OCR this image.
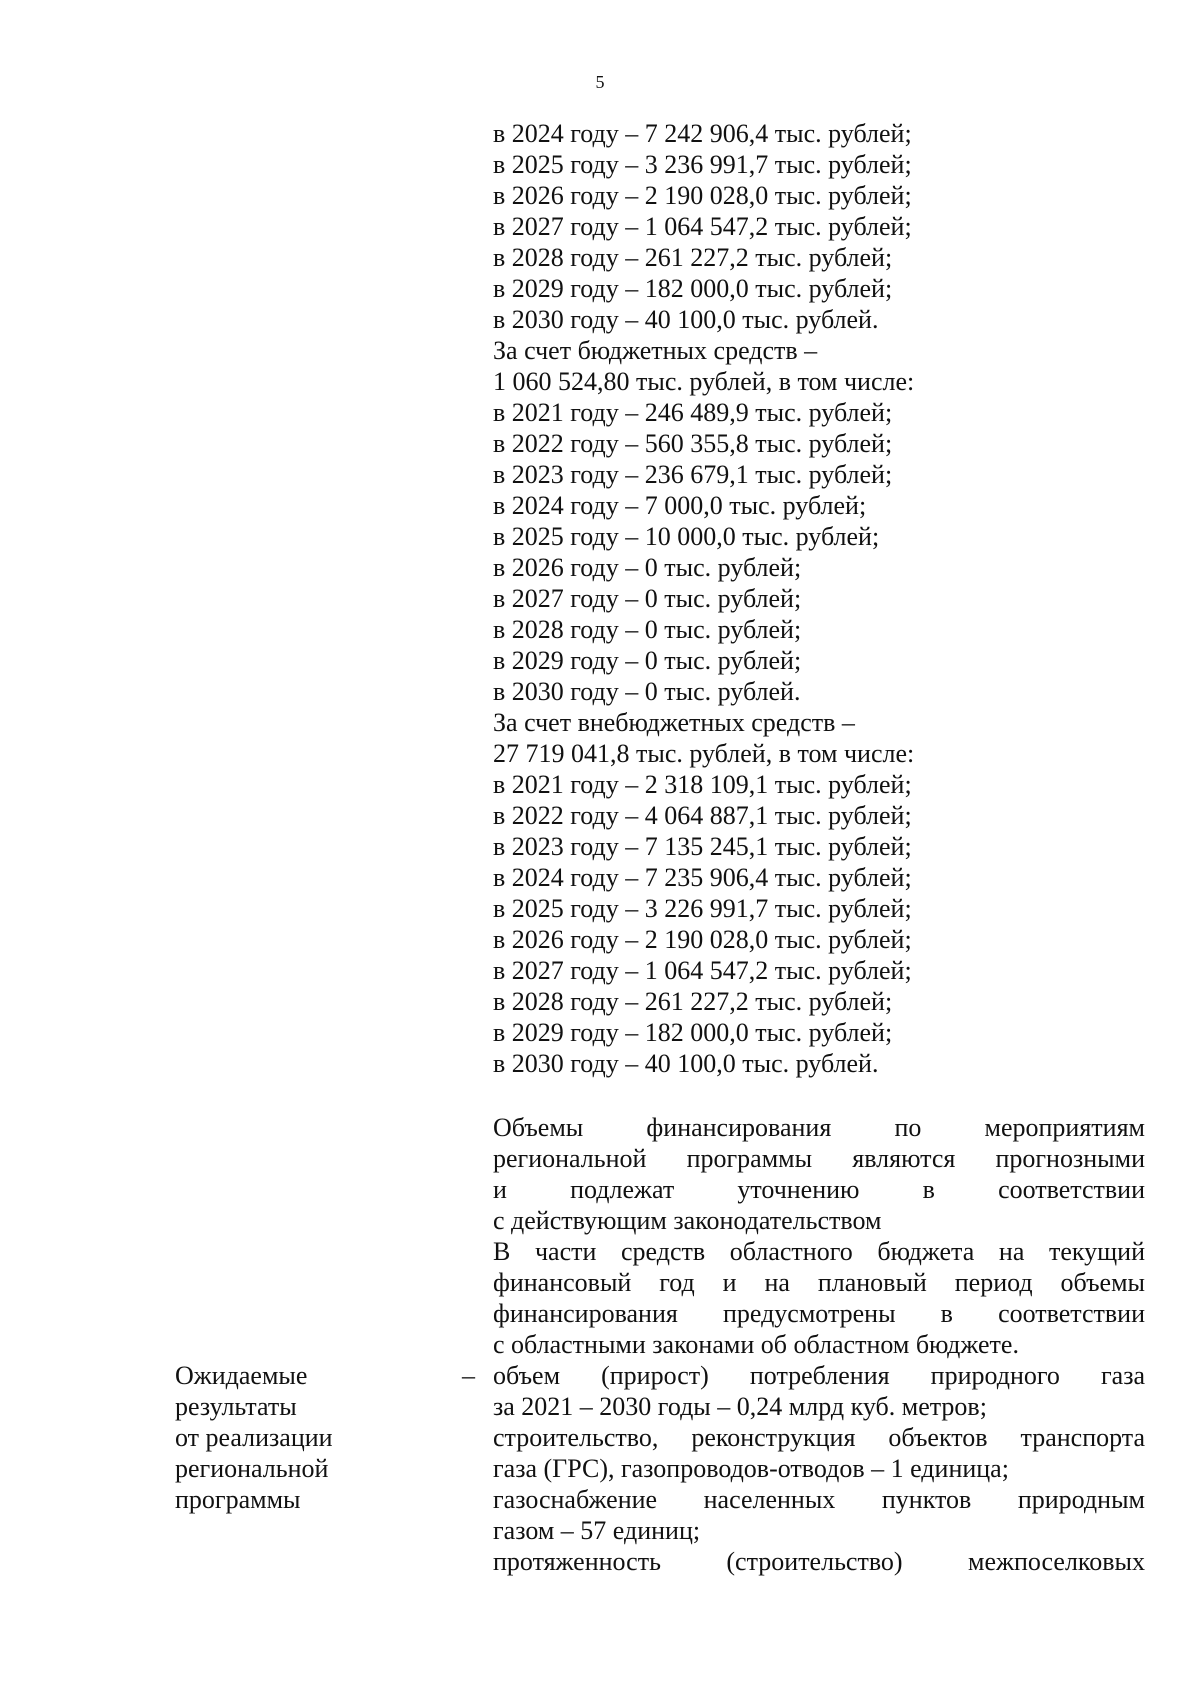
5
в 2024 году – 7 242 906,4 тыс. рублей;
в 2025 году – 3 236 991,7 тыс. рублей;
в 2026 году – 2 190 028,0 тыс. рублей;
в 2027 году – 1 064 547,2 тыс. рублей;
в 2028 году – 261 227,2 тыс. рублей;
в 2029 году – 182 000,0 тыс. рублей;
в 2030 году – 40 100,0 тыс. рублей.
За счет бюджетных средств –
1 060 524,80 тыс. рублей, в том числе:
в 2021 году – 246 489,9 тыс. рублей;
в 2022 году – 560 355,8 тыс. рублей;
в 2023 году – 236 679,1 тыс. рублей;
в 2024 году – 7 000,0 тыс. рублей;
в 2025 году – 10 000,0 тыс. рублей;
в 2026 году – 0 тыс. рублей;
в 2027 году – 0 тыс. рублей;
в 2028 году – 0 тыс. рублей;
в 2029 году – 0 тыс. рублей;
в 2030 году – 0 тыс. рублей.
За счет внебюджетных средств –
27 719 041,8 тыс. рублей, в том числе:
в 2021 году – 2 318 109,1 тыс. рублей;
в 2022 году – 4 064 887,1 тыс. рублей;
в 2023 году – 7 135 245,1 тыс. рублей;
в 2024 году – 7 235 906,4 тыс. рублей;
в 2025 году – 3 226 991,7 тыс. рублей;
в 2026 году – 2 190 028,0 тыс. рублей;
в 2027 году – 1 064 547,2 тыс. рублей;
в 2028 году – 261 227,2 тыс. рублей;
в 2029 году – 182 000,0 тыс. рублей;
в 2030 году – 40 100,0 тыс. рублей.
Объемы финансирования по мероприятиям
региональной программы являются прогнозными
и подлежат уточнению в соответствии
с действующим законодательством
В части средств областного бюджета на текущий
финансовый год и на плановый период объемы
финансирования предусмотрены в соответствии
с областными законами об областном бюджете.
Ожидаемые
результаты
от реализации
региональной
программы
– объем (прирост) потребления природного газа
за 2021 – 2030 годы – 0,24 млрд куб. метров;
строительство, реконструкция объектов транспорта
газа (ГРС), газопроводов-отводов – 1 единица;
газоснабжение населенных пунктов природным
газом – 57 единиц;
протяженность (строительство) межпоселковых
